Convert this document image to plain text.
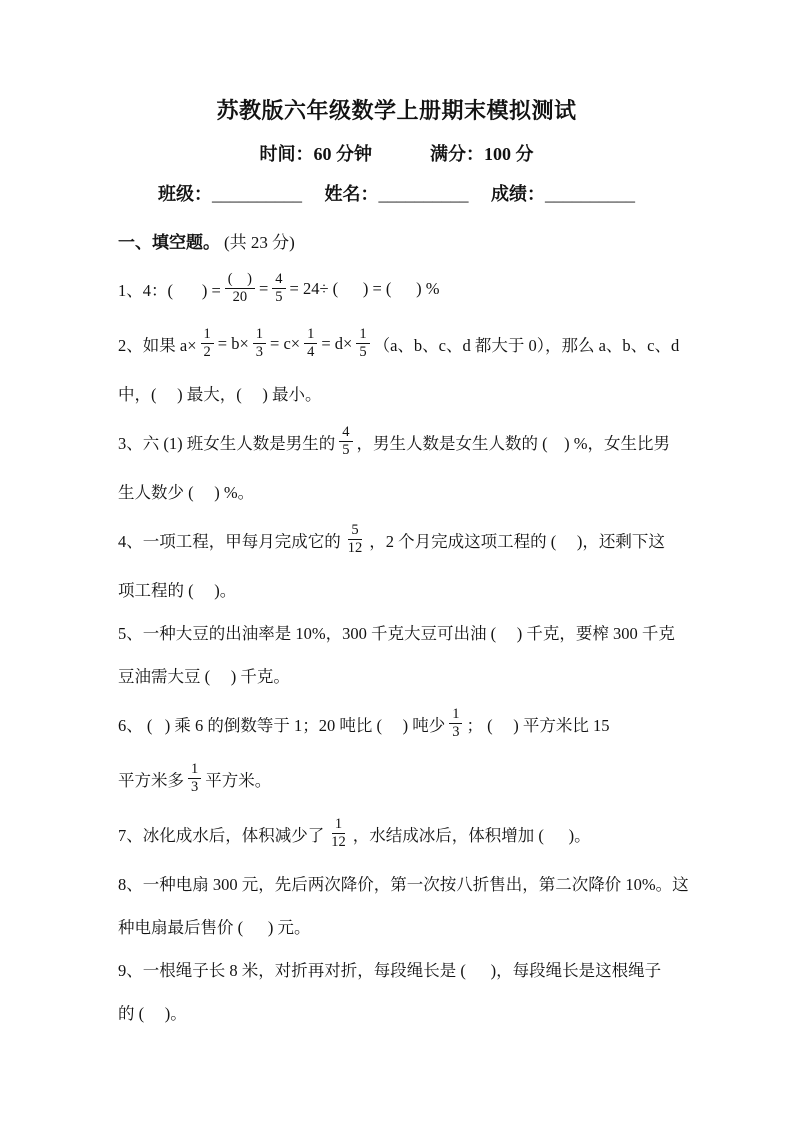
苏教版六年级数学上册期末模拟测试
时间：60 分钟	满分：100 分
班级：__________ 姓名：__________ 成绩：__________
一、填空题。 (共 23 分)
1、4：(       ) = $\frac{( )}{20} = \frac{4}{5} = 24\div$ (      ) = (      ) %
2、如果 $a\times \frac{1}{2} = b\times \frac{1}{3} = c\times \frac{1}{4} = d\times \frac{1}{5} (a$、b、c、d 都大于 0），那么 a、b、c、d
中，(     ) 最大，(     ) 最小。
3、六 (1) 班女生人数是男生的 $\frac{4}{5}$ ，男生人数是女生人数的 (    ) %，女生比男
生人数少 (     ) %。
4、一项工程，甲每月完成它的 $\frac{5}{12}$ ，2 个月完成这项工程的 (     )，还剩下这
项工程的 (     )。
5、一种大豆的出油率是 10%，300 千克大豆可出油 (     ) 千克，要榨 300 千克
豆油需大豆 (     ) 千克。
6、 (   ) 乘 6 的倒数等于 1；20 吨比 (     ) 吨少 $\frac{1}{3}$ ； (     ) 平方米比 15
平方米多 $\frac{1}{3}$ 平方米。
7、冰化成水后，体积减少了 $\frac{1}{12}$ ，水结成冰后，体积增加 (      )。
8、一种电扇 300 元，先后两次降价，第一次按八折售出，第二次降价 10%。这
种电扇最后售价 (      ) 元。
9、一根绳子长 8 米，对折再对折，每段绳长是 (      )，每段绳长是这根绳子
的 (     )。
